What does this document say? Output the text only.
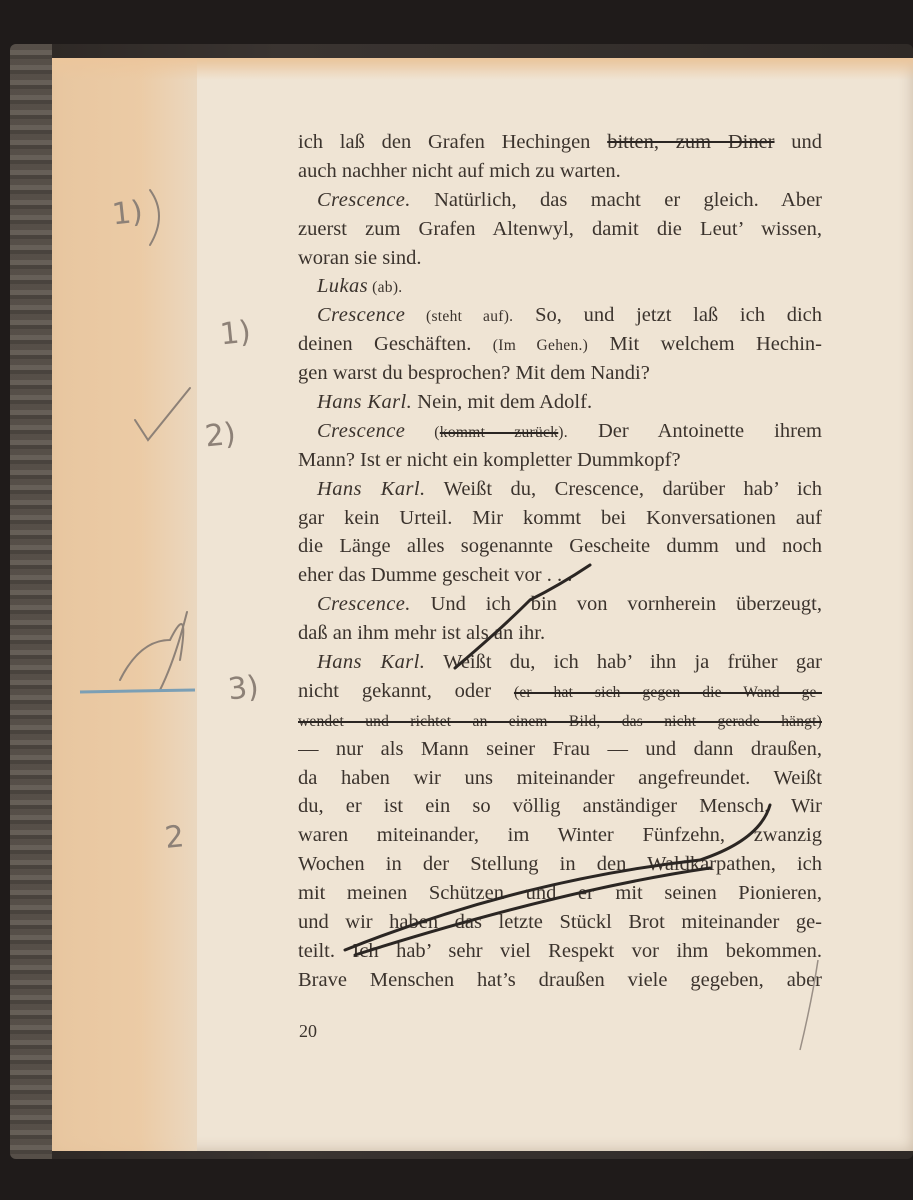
ich laß den Grafen Hechingen bitten, zum Diner und
auch nachher nicht auf mich zu warten.
Crescence. Natürlich, das macht er gleich. Aber
zuerst zum Grafen Altenwyl, damit die Leut’ wissen,
woran sie sind.
Lukas (ab).
Crescence (steht auf). So, und jetzt laß ich dich
deinen Geschäften. (Im Gehen.) Mit welchem Hechin-
gen warst du besprochen? Mit dem Nandi?
Hans Karl. Nein, mit dem Adolf.
Crescence (kommt zurück). Der Antoinette ihrem
Mann? Ist er nicht ein kompletter Dummkopf?
Hans Karl. Weißt du, Crescence, darüber hab’ ich
gar kein Urteil. Mir kommt bei Konversationen auf
die Länge alles sogenannte Gescheite dumm und noch
eher das Dumme gescheit vor . . .
Crescence. Und ich bin von vornherein überzeugt,
daß an ihm mehr ist als an ihr.
Hans Karl. Weißt du, ich hab’ ihn ja früher gar
nicht gekannt, oder (er hat sich gegen die Wand ge-
wendet und richtet an einem Bild, das nicht gerade hängt)
— nur als Mann seiner Frau — und dann draußen,
da haben wir uns miteinander angefreundet. Weißt
du, er ist ein so völlig anständiger Mensch. Wir
waren miteinander, im Winter Fünfzehn, zwanzig
Wochen in der Stellung in den Waldkarpathen, ich
mit meinen Schützen und er mit seinen Pionieren,
und wir haben das letzte Stückl Brot miteinander ge-
teilt. Ich hab’ sehr viel Respekt vor ihm bekommen.
Brave Menschen hat’s draußen viele gegeben, aber
20
1)
1)
2)
3)
2
